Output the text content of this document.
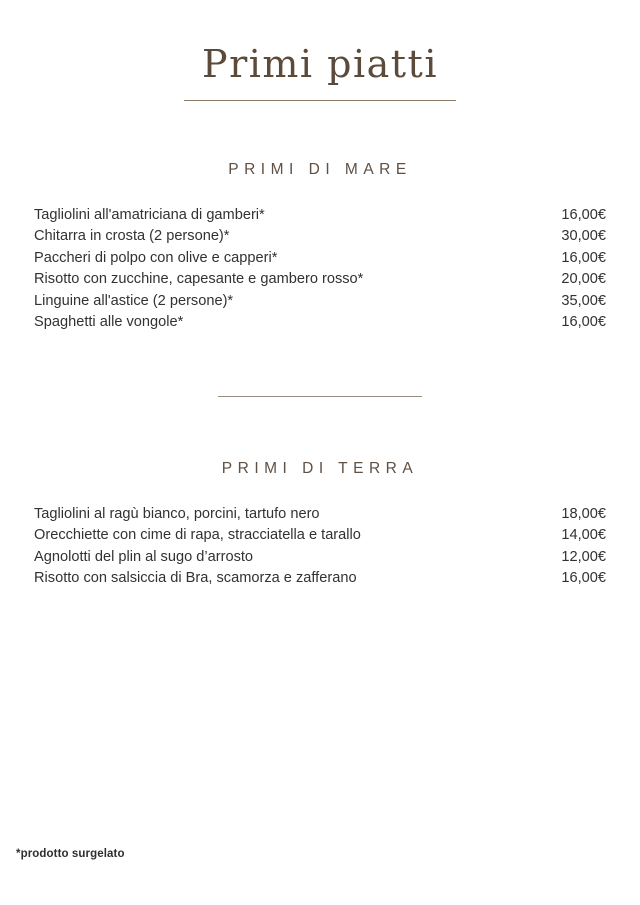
Primi piatti
PRIMI DI MARE
Tagliolini all'amatriciana di gamberi*	16,00€
Chitarra in crosta (2 persone)*	30,00€
Paccheri di polpo con olive e capperi*	16,00€
Risotto con zucchine, capesante e gambero rosso*	20,00€
Linguine all'astice (2 persone)*	35,00€
Spaghetti alle vongole*	16,00€
PRIMI DI TERRA
Tagliolini al ragù bianco, porcini, tartufo nero	18,00€
Orecchiette con cime di rapa, stracciatella e tarallo	14,00€
Agnolotti del plin al sugo d’arrosto	12,00€
Risotto con salsiccia di Bra, scamorza e zafferano	16,00€
*prodotto surgelato
